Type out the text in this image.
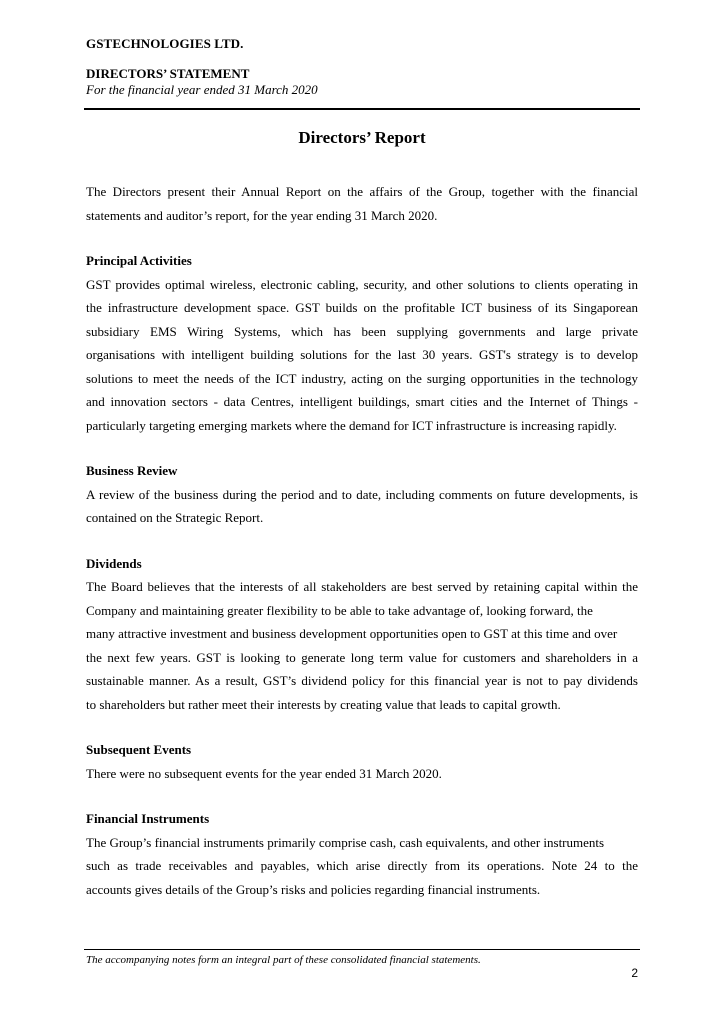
GSTECHNOLOGIES LTD.
DIRECTORS’ STATEMENT
For the financial year ended 31 March 2020
Directors’ Report
The Directors present their Annual Report on the affairs of the Group, together with the financial
statements and auditor’s report, for the year ending 31 March 2020.
Principal Activities
GST provides optimal wireless, electronic cabling, security, and other solutions to clients operating in
the infrastructure development space. GST builds on the profitable ICT business of its Singaporean
subsidiary EMS Wiring Systems, which has been supplying governments and large private
organisations with intelligent building solutions for the last 30 years. GST's strategy is to develop
solutions to meet the needs of the ICT industry, acting on the surging opportunities in the technology
and innovation sectors - data Centres, intelligent buildings, smart cities and the Internet of Things -
particularly targeting emerging markets where the demand for ICT infrastructure is increasing rapidly.
Business Review
A review of the business during the period and to date, including comments on future developments, is
contained on the Strategic Report.
Dividends
The Board believes that the interests of all stakeholders are best served by retaining capital within the
Company and maintaining greater flexibility to be able to take advantage of, looking forward, the
many attractive investment and business development opportunities open to GST at this time and over
the next few years. GST is looking to generate long term value for customers and shareholders in a
sustainable manner. As a result, GST’s dividend policy for this financial year is not to pay dividends
to shareholders but rather meet their interests by creating value that leads to capital growth.
Subsequent Events
There were no subsequent events for the year ended 31 March 2020.
Financial Instruments
The Group’s financial instruments primarily comprise cash, cash equivalents, and other instruments
such as trade receivables and payables, which arise directly from its operations. Note 24 to the
accounts gives details of the Group’s risks and policies regarding financial instruments.
The accompanying notes form an integral part of these consolidated financial statements.
2
